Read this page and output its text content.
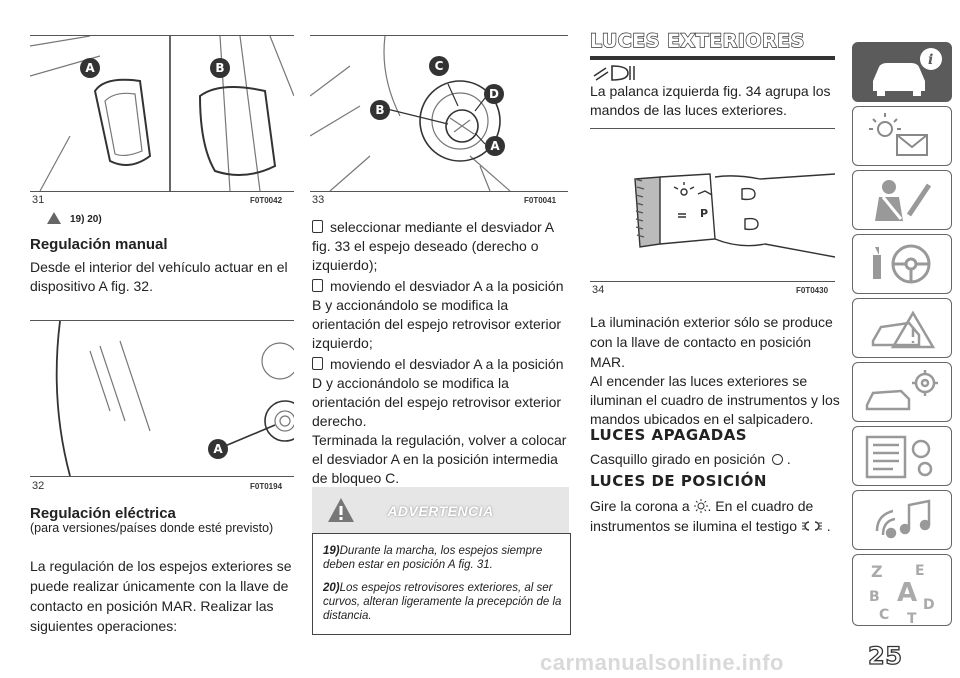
A	B
31	F0T0042
19) 20)
Regulación manual

Desde el interior del vehículo actuar en el dispositivo A fig. 32.

A
32	F0T0194
Regulación eléctrica

(para versiones/países donde esté previsto)

La regulación de los espejos exteriores se puede realizar únicamente con la llave de contacto en posición MAR. Realizar las siguientes operaciones:

C
D
B
A
33	F0T0041

seleccionar mediante el desviador A fig. 33 el espejo deseado (derecho o izquierdo);

moviendo el desviador A a la posición B y accionándolo se modifica la orientación del espejo retrovisor exterior izquierdo;

moviendo el desviador A a la posición D y accionándolo se modifica la orientación del espejo retrovisor exterior derecho.

Terminada la regulación, volver a colocar el desviador A en la posición intermedia de bloqueo C.

ADVERTENCIA

19)Durante la marcha, los espejos siempre deben estar en posición A fig. 31.

20)Los espejos retrovisores exteriores, al ser curvos, alteran ligeramente la precepción de la distancia.

LUCES EXTERIORES

La palanca izquierda fig. 34 agrupa los mandos de las luces exteriores.

P
34	F0T0430

La iluminación exterior sólo se produce con la llave de contacto en posición MAR.

Al encender las luces exteriores se iluminan el cuadro de instrumentos y los mandos ubicados en el salpicadero.

LUCES APAGADAS

Casquillo girado en posición  .

LUCES DE POSICIÓN

Gire la corona a . En el cuadro de instrumentos se ilumina el testigo  .

i
Z E
A
B	D
C T
25
carmanualsonline.info
